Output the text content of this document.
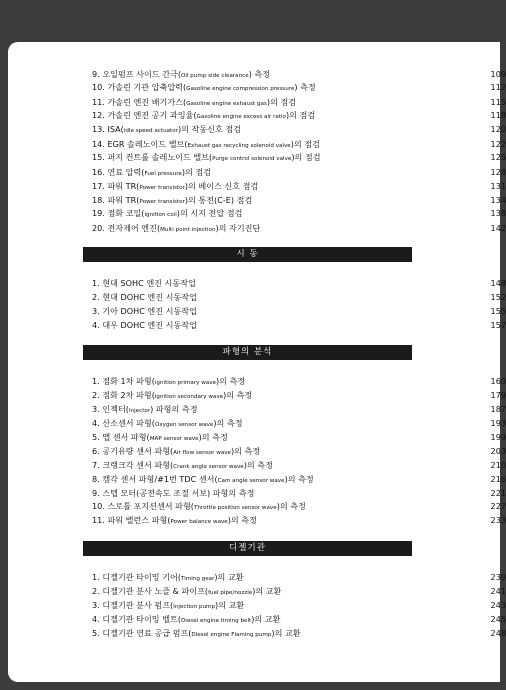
9. 오일펌프 사이드 간극(Oil pump side clearance) 측정	109
10. 가솔린 기관 압축압력(Gasoline engine compression pressure) 측정	112
11. 가솔린 엔진 배기가스(Gasoline engine exhaust gas)의 점검	115
12. 가솔린 엔진 공기 과잉율(Gasoline engine excess air ratio)의 점검	118
13. ISA(idle speed actuator)의 작동신호 점검	120
14. EGR 솔레노이드 밸브(Exhaust gas recycling solenoid valve)의 점검	122
15. 퍼지 컨트롤 솔레노이드 밸브(Purge control solenoid valve)의 점검	125
16. 연료 압력(Fuel pressure)의 점검	128
17. 파워 TR(Power transistor)의 베이스 신호 점검	131
18. 파워 TR(Power transistor)의 통전(C-E) 점검	134
19. 점화 코일(ignition coil)의 시지 전압 점검	138
20. 전자제어 엔진(Multi point injection)의 자기진단	142
시 동
1. 현대 SOHC 엔진 시동작업	148
2. 현대 DOHC 엔진 시동작업	152
3. 기아 DOHC 엔진 시동작업	155
4. 대우 DOHC 엔진 시동작업	157
파형의 분석
1. 점화 1차 파형(ignition primary wave)의 측정	160
2. 점화 2차 파형(ignition secondary wave)의 측정	179
3. 인젝터(Injector) 파형의 측정	187
4. 산소센서 파형(Oxygen sensor wave)의 측정	193
5. 맵 센서 파형(MAP sensor wave)의 측정	199
6. 공기유량 센서 파형(Air flow sensor wave)의 측정	203
7. 크랭크각 센서 파형(Crank angle sensor wave)의 측정	210
8. 캠각 센서 파형/#1번 TDC 센서(Cam angle sensor wave)의 측정	216
9. 스텝 모터(공전속도 조절 서보) 파형의 측정	221
10. 스로틀 포지션센서 파형(Throttle position sensor wave)의 측정	227
11. 파워 밸런스 파형(Power balance wave)의 측정	233
디젤기관
1. 디젤기관 타이밍 기어(Timing gear)의 교환	239
2. 디젤기관 분사 노즐 & 파이프(fuel pipe/nozzle)의 교환	241
3. 디젤기관 분사 펌프(Injection pump)의 교환	243
4. 디젤기관 타이밍 벨트(Diesel engine timing belt)의 교환	245
5. 디젤기관 연료 공급 펌프(Diesel engine Flaming pump)의 교환	248
